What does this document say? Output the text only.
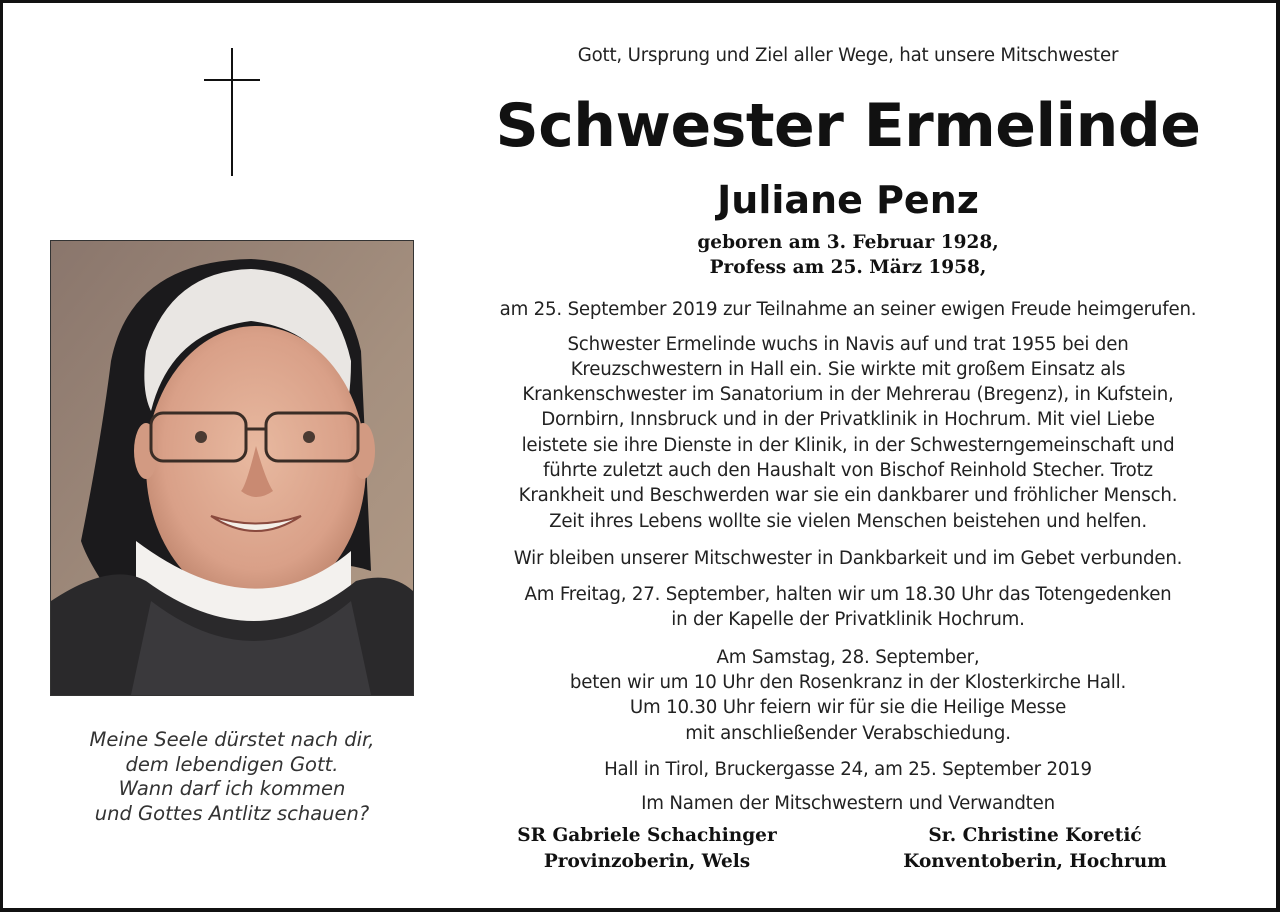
Meine Seele dürstet nach dir,
dem lebendigen Gott.
Wann darf ich kommen
und Gottes Antlitz schauen?
Gott, Ursprung und Ziel aller Wege, hat unsere Mitschwester
Schwester Ermelinde
Juliane Penz
geboren am 3. Februar 1928,
Profess am 25. März 1958,
am 25. September 2019 zur Teilnahme an seiner ewigen Freude heimgerufen.
Schwester Ermelinde wuchs in Navis auf und trat 1955 bei den
Kreuzschwestern in Hall ein. Sie wirkte mit großem Einsatz als
Krankenschwester im Sanatorium in der Mehrerau (Bregenz), in Kufstein,
Dornbirn, Innsbruck und in der Privatklinik in Hochrum. Mit viel Liebe
leistete sie ihre Dienste in der Klinik, in der Schwesterngemeinschaft und
führte zuletzt auch den Haushalt von Bischof Reinhold Stecher. Trotz
Krankheit und Beschwerden war sie ein dankbarer und fröhlicher Mensch.
Zeit ihres Lebens wollte sie vielen Menschen beistehen und helfen.
Wir bleiben unserer Mitschwester in Dankbarkeit und im Gebet verbunden.
Am Freitag, 27. September, halten wir um 18.30 Uhr das Totengedenken
in der Kapelle der Privatklinik Hochrum.
Am Samstag, 28. September,
beten wir um 10 Uhr den Rosenkranz in der Klosterkirche Hall.
Um 10.30 Uhr feiern wir für sie die Heilige Messe
mit anschließender Verabschiedung.
Hall in Tirol, Bruckergasse 24, am 25. September 2019
Im Namen der Mitschwestern und Verwandten
SR Gabriele Schachinger
Provinzoberin, Wels
Sr. Christine Koretić
Konventoberin, Hochrum
